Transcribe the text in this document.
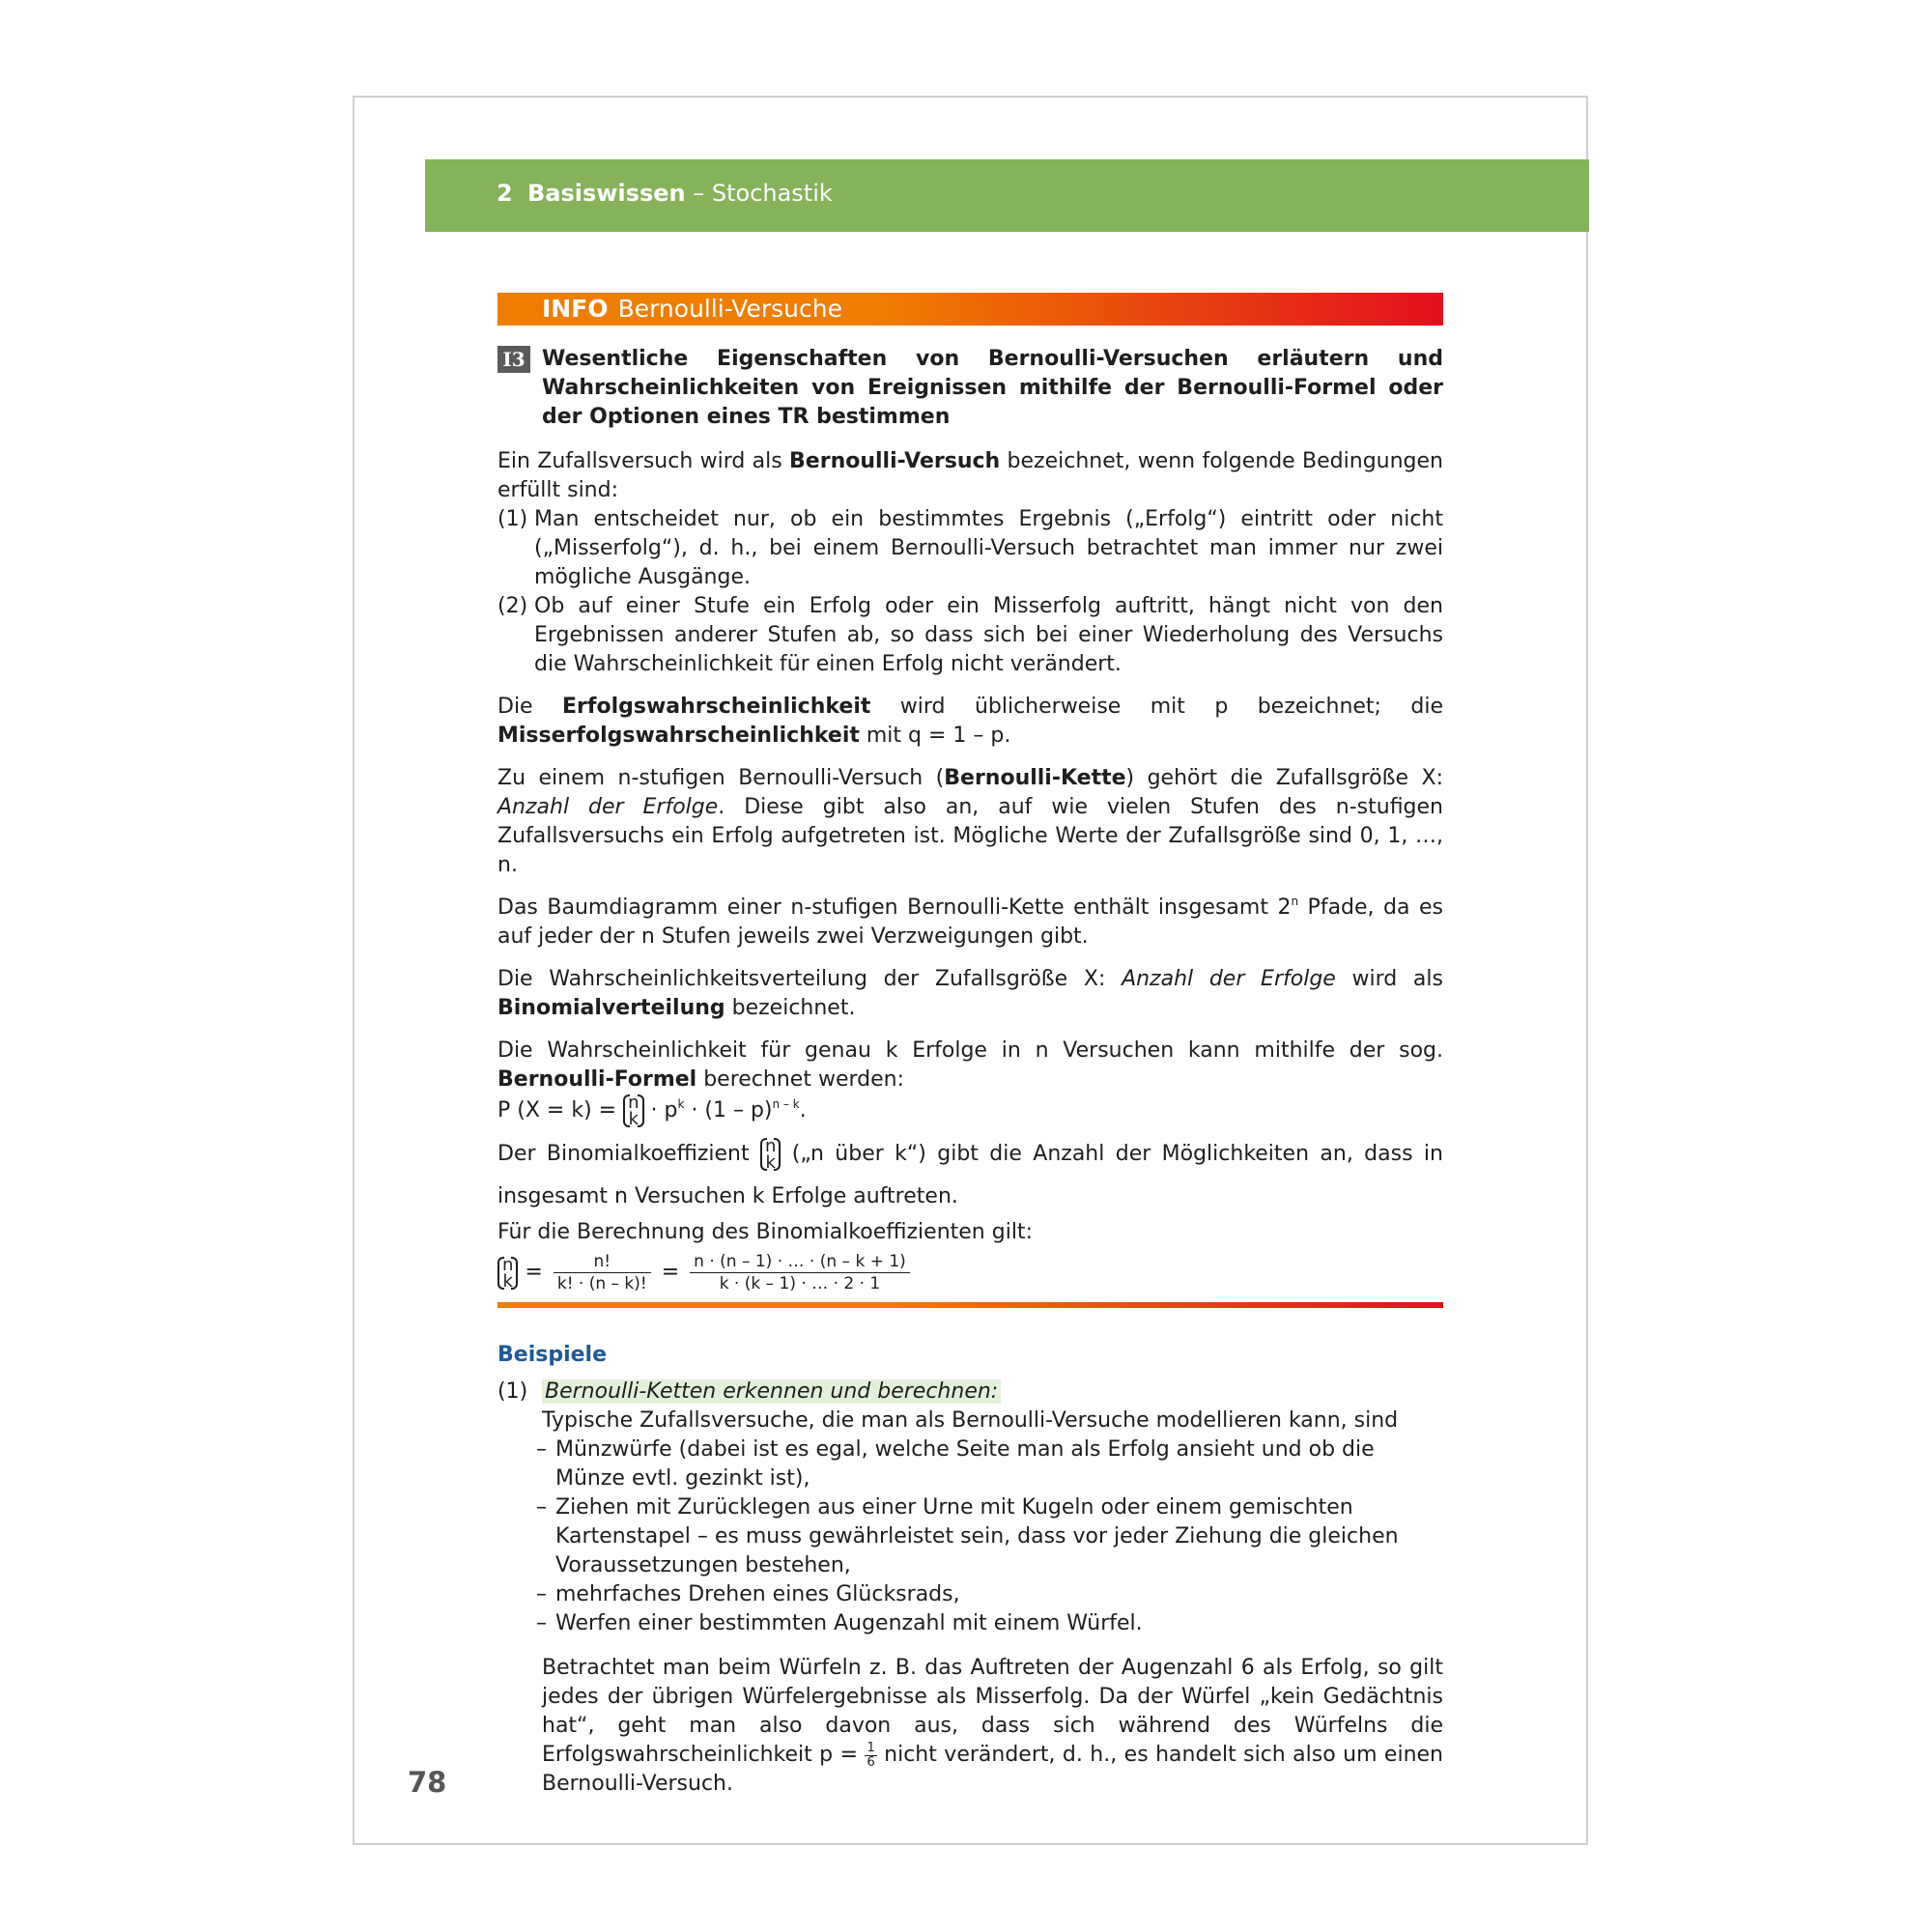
2 Basiswissen – Stochastik
INFO Bernoulli-Versuche
I3 Wesentliche Eigenschaften von Bernoulli-Versuchen erläutern und Wahrscheinlichkeiten von Ereignissen mithilfe der Bernoulli-Formel oder der Optionen eines TR bestimmen

Ein Zufallsversuch wird als Bernoulli-Versuch bezeichnet, wenn folgende Bedingungen erfüllt sind:

(1) Man entscheidet nur, ob ein bestimmtes Ergebnis („Erfolg“) eintritt oder nicht („Misserfolg“), d. h., bei einem Bernoulli-Versuch betrachtet man immer nur zwei mögliche Ausgänge.
(2) Ob auf einer Stufe ein Erfolg oder ein Misserfolg auftritt, hängt nicht von den Ergebnissen anderer Stufen ab, so dass sich bei einer Wiederholung des Versuchs die Wahrscheinlichkeit für einen Erfolg nicht verändert.

Die Erfolgswahrscheinlichkeit wird üblicherweise mit p bezeichnet; die Misserfolgswahrscheinlichkeit mit q = 1 – p.

Zu einem n-stufigen Bernoulli-Versuch (Bernoulli-Kette) gehört die Zufallsgröße X: Anzahl der Erfolge. Diese gibt also an, auf wie vielen Stufen des n-stufigen Zufallsversuchs ein Erfolg aufgetreten ist. Mögliche Werte der Zufallsgröße sind 0, 1, …, n.

Das Baumdiagramm einer n-stufigen Bernoulli-Kette enthält insgesamt 2$^n$ Pfade, da es auf jeder der n Stufen jeweils zwei Verzweigungen gibt.

Die Wahrscheinlichkeitsverteilung der Zufallsgröße X: Anzahl der Erfolge wird als Binomialverteilung bezeichnet.

Die Wahrscheinlichkeit für genau k Erfolge in n Versuchen kann mithilfe der sog. Bernoulli-Formel berechnet werden:

P (X = k) = n
$k \cdot p^k \cdot (1 - p)^{n - k}$.

Der Binomialkoeffizient n
k („n über k“) gibt die Anzahl der Möglichkeiten an, dass in insgesamt n Versuchen k Erfolge auftreten.

Für die Berechnung des Binomialkoeffizienten gilt:

n
$k = \frac{n!}{k! \cdot (n - k)!} = \frac{n \cdot (n - 1) \cdot \dots \cdot (n - k + 1)}{k \cdot (k - 1) \cdot \dots \cdot 2 \cdot 1}$
Beispiele
(1) Bernoulli-Ketten erkennen und berechnen:
Typische Zufallsversuche, die man als Bernoulli-Versuche modellieren kann, sind
– Münzwürfe (dabei ist es egal, welche Seite man als Erfolg ansieht und ob die Münze evtl. gezinkt ist),
– Ziehen mit Zurücklegen aus einer Urne mit Kugeln oder einem gemischten Kartenstapel – es muss gewährleistet sein, dass vor jeder Ziehung die gleichen Voraussetzungen bestehen,
– mehrfaches Drehen eines Glücksrads,
– Werfen einer bestimmten Augenzahl mit einem Würfel.

Betrachtet man beim Würfeln z. B. das Auftreten der Augenzahl 6 als Erfolg, so gilt jedes der übrigen Würfelergebnisse als Misserfolg. Da der Würfel „kein Gedächtnis hat“, geht man also davon aus, dass sich während des Würfelns die Erfolgswahrscheinlichkeit $p = \frac{1}{6}$ nicht verändert, d. h., es handelt sich also um einen Bernoulli-Versuch.

78
